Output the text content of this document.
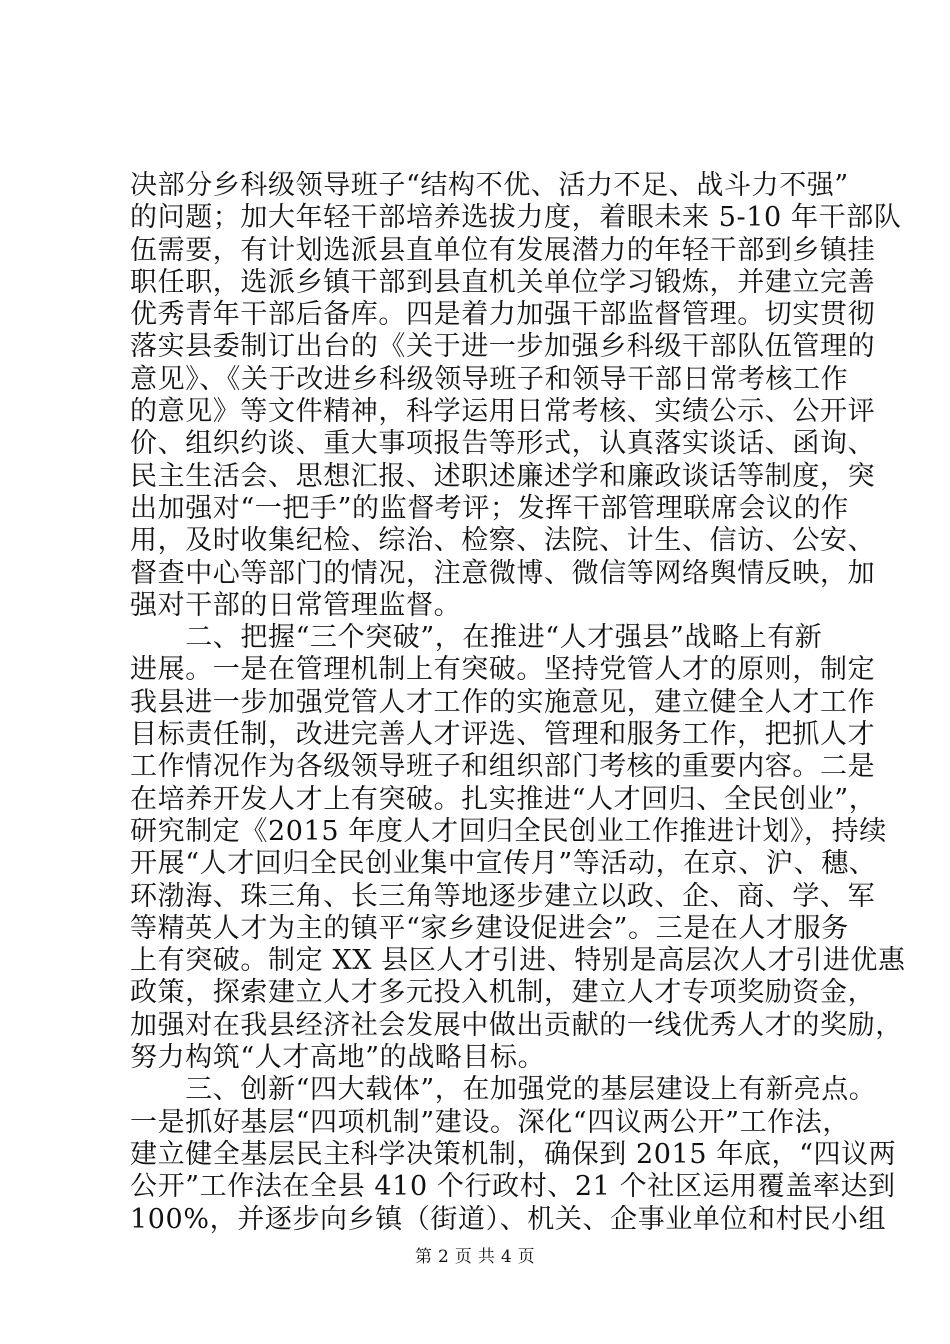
决部分乡科级领导班子“结构不优、活力不足、战斗力不强”
的问题；加大年轻干部培养选拔力度，着眼未来 5-10 年干部队
伍需要，有计划选派县直单位有发展潜力的年轻干部到乡镇挂
职任职，选派乡镇干部到县直机关单位学习锻炼，并建立完善
优秀青年干部后备库。四是着力加强干部监督管理。切实贯彻
落实县委制订出台的《关于进一步加强乡科级干部队伍管理的
意见》、《关于改进乡科级领导班子和领导干部日常考核工作
的意见》等文件精神，科学运用日常考核、实绩公示、公开评
价、组织约谈、重大事项报告等形式，认真落实谈话、函询、
民主生活会、思想汇报、述职述廉述学和廉政谈话等制度，突
出加强对“一把手”的监督考评；发挥干部管理联席会议的作
用，及时收集纪检、综治、检察、法院、计生、信访、公安、
督查中心等部门的情况，注意微博、微信等网络舆情反映，加
强对干部的日常管理监督。
　　二、把握“三个突破”，在推进“人才强县”战略上有新
进展。一是在管理机制上有突破。坚持党管人才的原则，制定
我县进一步加强党管人才工作的实施意见，建立健全人才工作
目标责任制，改进完善人才评选、管理和服务工作，把抓人才
工作情况作为各级领导班子和组织部门考核的重要内容。二是
在培养开发人才上有突破。扎实推进“人才回归、全民创业”，
研究制定《2015 年度人才回归全民创业工作推进计划》，持续
开展“人才回归全民创业集中宣传月”等活动，在京、沪、穗、
环渤海、珠三角、长三角等地逐步建立以政、企、商、学、军
等精英人才为主的镇平“家乡建设促进会”。三是在人才服务
上有突破。制定 XX 县区人才引进、特别是高层次人才引进优惠
政策，探索建立人才多元投入机制，建立人才专项奖励资金，
加强对在我县经济社会发展中做出贡献的一线优秀人才的奖励，
努力构筑“人才高地”的战略目标。
　　三、创新“四大载体”，在加强党的基层建设上有新亮点。
一是抓好基层“四项机制”建设。深化“四议两公开”工作法，
建立健全基层民主科学决策机制，确保到 2015 年底，“四议两
公开”工作法在全县 410 个行政村、21 个社区运用覆盖率达到
100%，并逐步向乡镇（街道）、机关、企事业单位和村民小组
第 2 页 共 4 页
